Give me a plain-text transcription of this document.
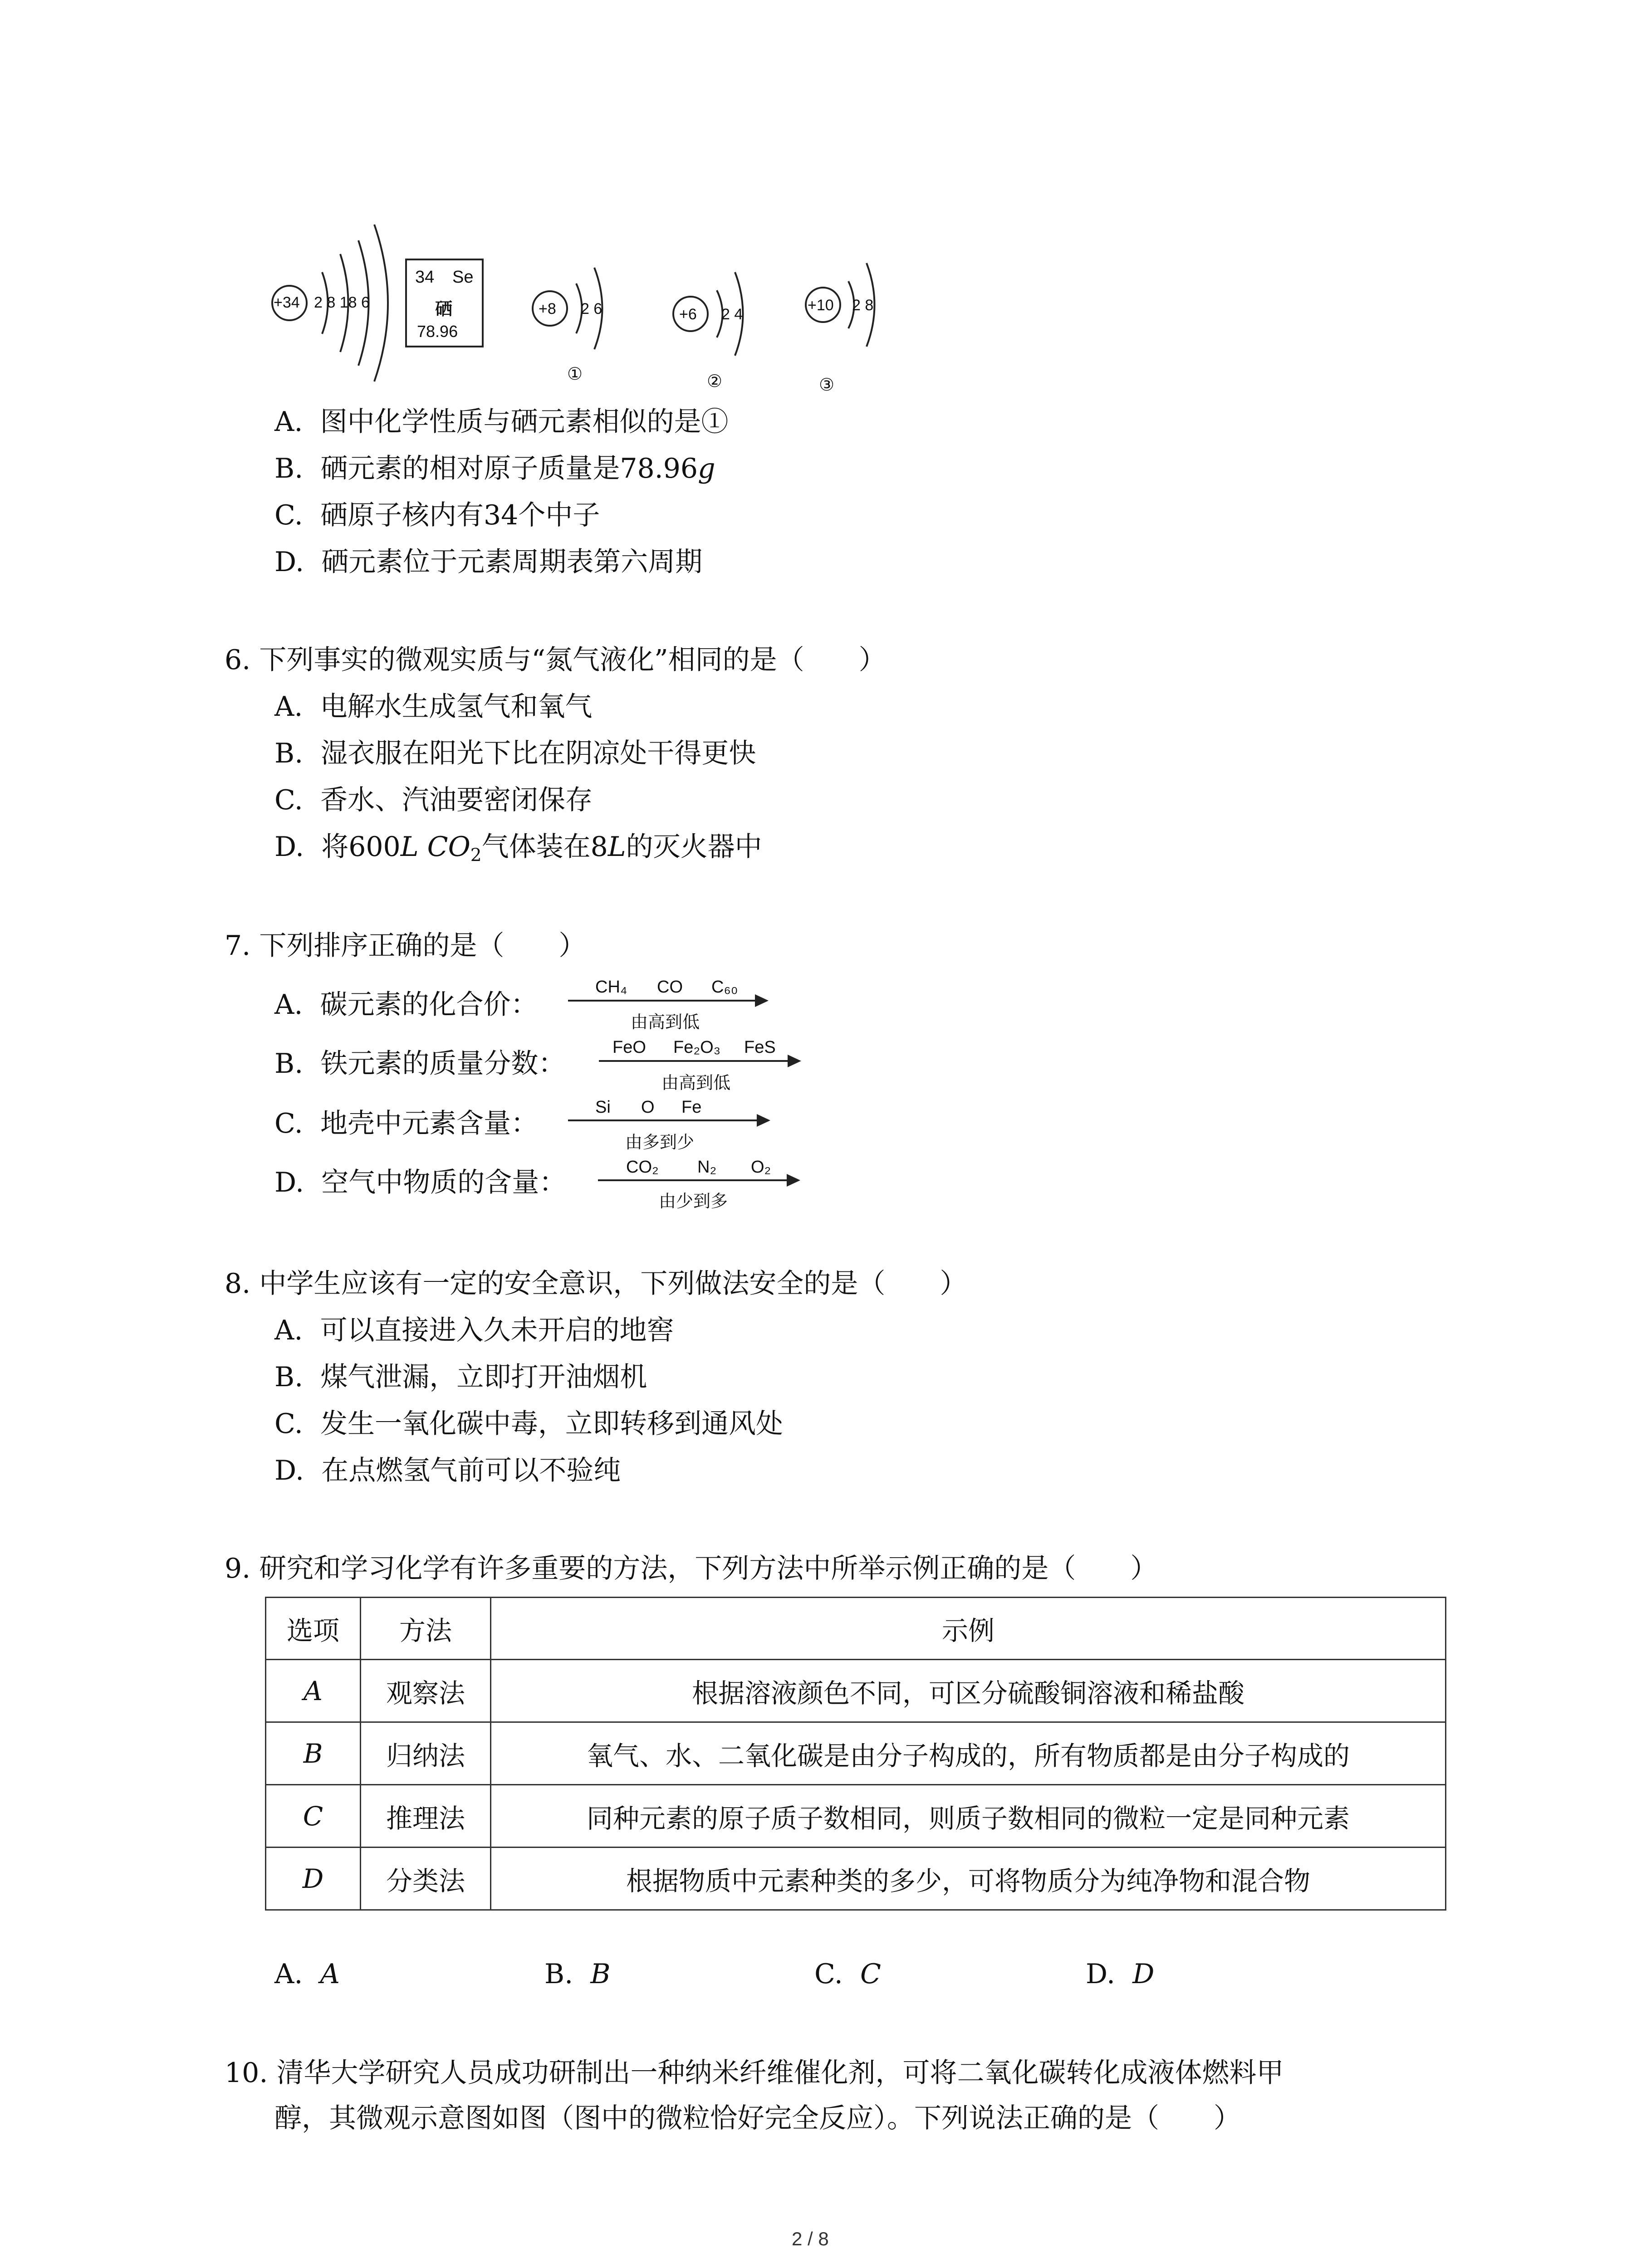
+34 2 8 18 6
34 Se
硒
78.96
+8 2 6
①
+6 2 4
②
+10 2 8
③
A. 图中化学性质与硒元素相似的是①
B. 硒元素的相对原子质量是78.96g
C. 硒原子核内有34个中子
D. 硒元素位于元素周期表第六周期
6. 下列事实的微观实质与“氮气液化”相同的是（　　）
A. 电解水生成氢气和氧气
B. 湿衣服在阳光下比在阴凉处干得更快
C. 香水、汽油要密闭保存
D. 将600L $CO_2$气体装在8L的灭火器中
7. 下列排序正确的是（　　）
A. 碳元素的化合价：
CH₄ CO C₆₀
由高到低
B. 铁元素的质量分数：
FeO Fe₂O₃ FeS
由高到低
C. 地壳中元素含量：
Si O Fe
由多到少
D. 空气中物质的含量：	CO₂ N₂ O₂
由少到多
8. 中学生应该有一定的安全意识，下列做法安全的是（　　）
A. 可以直接进入久未开启的地窖
B. 煤气泄漏，立即打开油烟机
C. 发生一氧化碳中毒，立即转移到通风处
D. 在点燃氢气前可以不验纯
9. 研究和学习化学有许多重要的方法，下列方法中所举示例正确的是（　　）
选项	方法	示例
A	观察法	根据溶液颜色不同，可区分硫酸铜溶液和稀盐酸
B	归纳法	氧气、水、二氧化碳是由分子构成的，所有物质都是由分子构成的
C	推理法	同种元素的原子质子数相同，则质子数相同的微粒一定是同种元素
D	分类法	根据物质中元素种类的多少，可将物质分为纯净物和混合物
A. A	B. B	C. C	D. D
10. 清华大学研究人员成功研制出一种纳米纤维催化剂，可将二氧化碳转化成液体燃料甲
醇，其微观示意图如图（图中的微粒恰好完全反应）。下列说法正确的是（　　）
2 / 8
